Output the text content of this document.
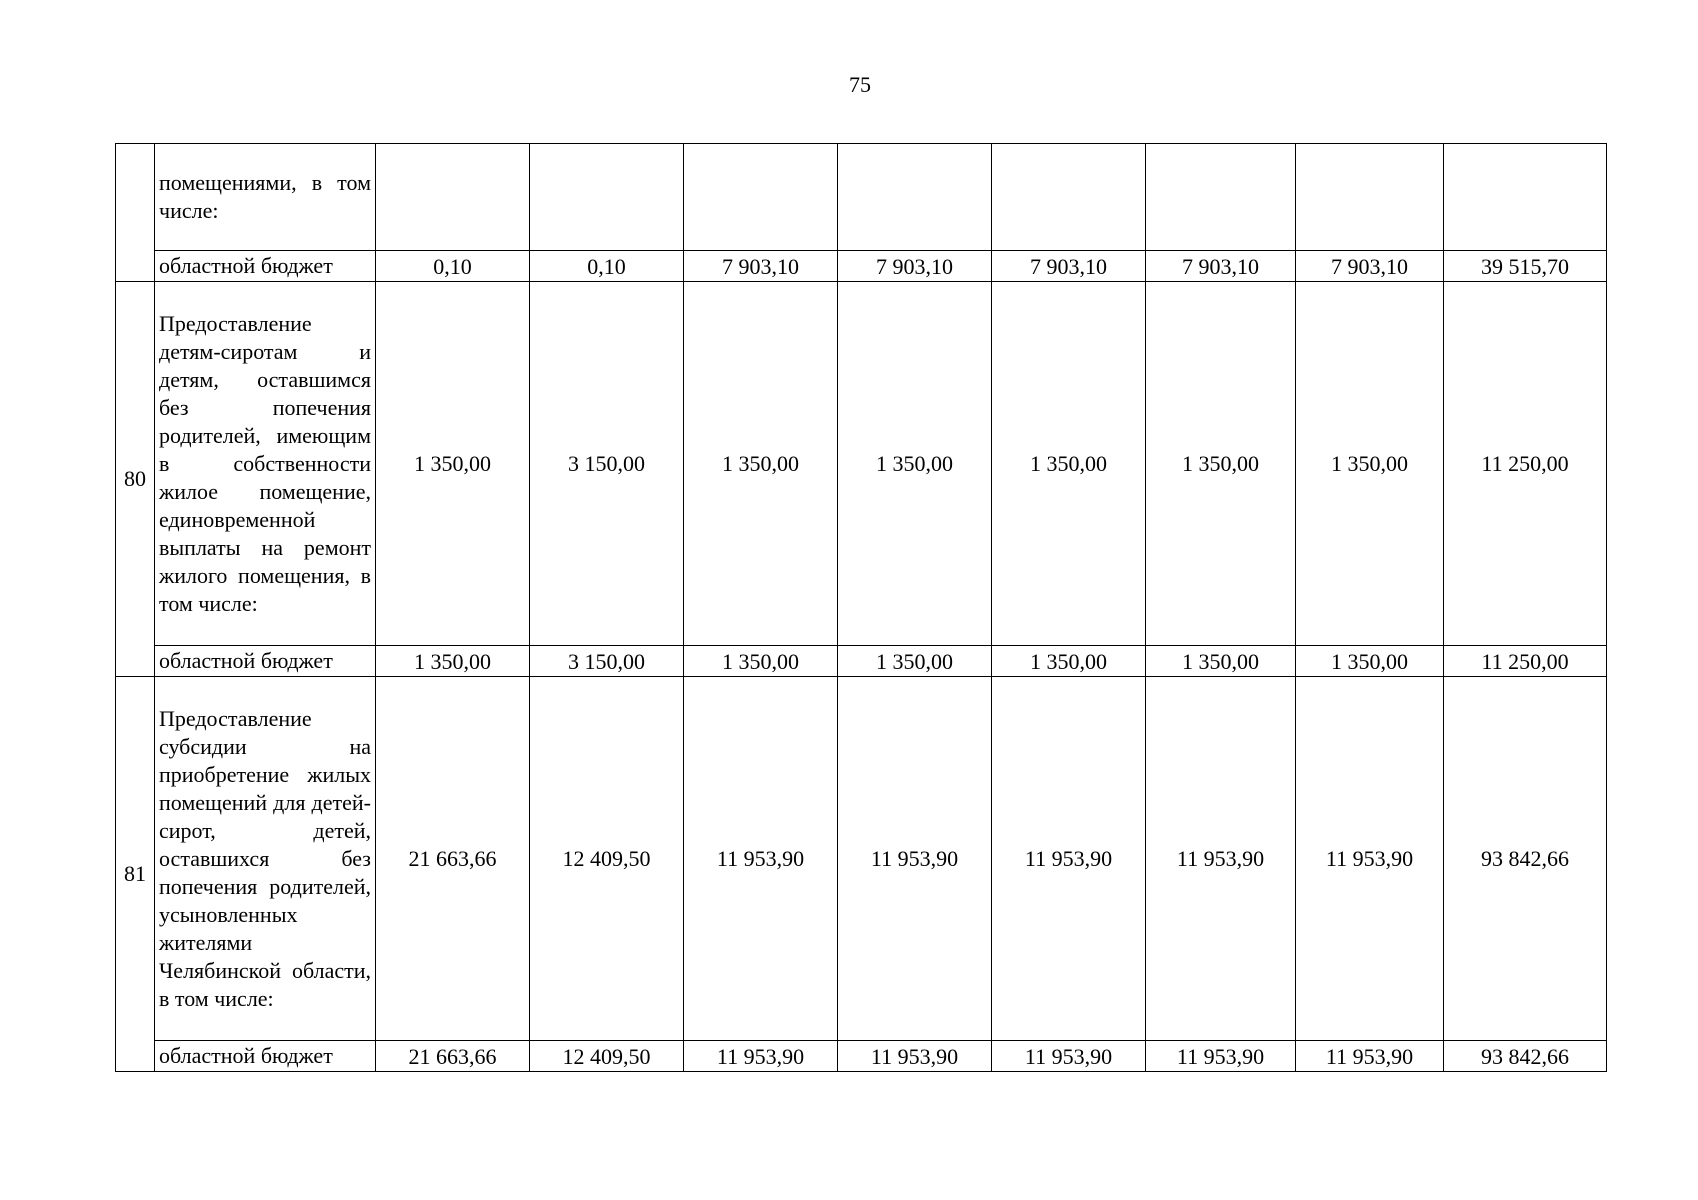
75
	помещениями, в том числе:								
	областной бюджет	0,10	0,10	7 903,10	7 903,10	7 903,10	7 903,10	7 903,10	39 515,70
80	Предоставление детям-сиротам и детям, оставшимся без попечения родителей, имеющим в собственности жилое помещение, единовременной выплаты на ремонт жилого помещения, в том числе:	1 350,00	3 150,00	1 350,00	1 350,00	1 350,00	1 350,00	1 350,00	11 250,00
	областной бюджет	1 350,00	3 150,00	1 350,00	1 350,00	1 350,00	1 350,00	1 350,00	11 250,00
81	Предоставление субсидии на приобретение жилых помещений для детей-сирот, детей, оставшихся без попечения родителей, усыновленных жителями Челябинской области, в том числе:	21 663,66	12 409,50	11 953,90	11 953,90	11 953,90	11 953,90	11 953,90	93 842,66
	областной бюджет	21 663,66	12 409,50	11 953,90	11 953,90	11 953,90	11 953,90	11 953,90	93 842,66
